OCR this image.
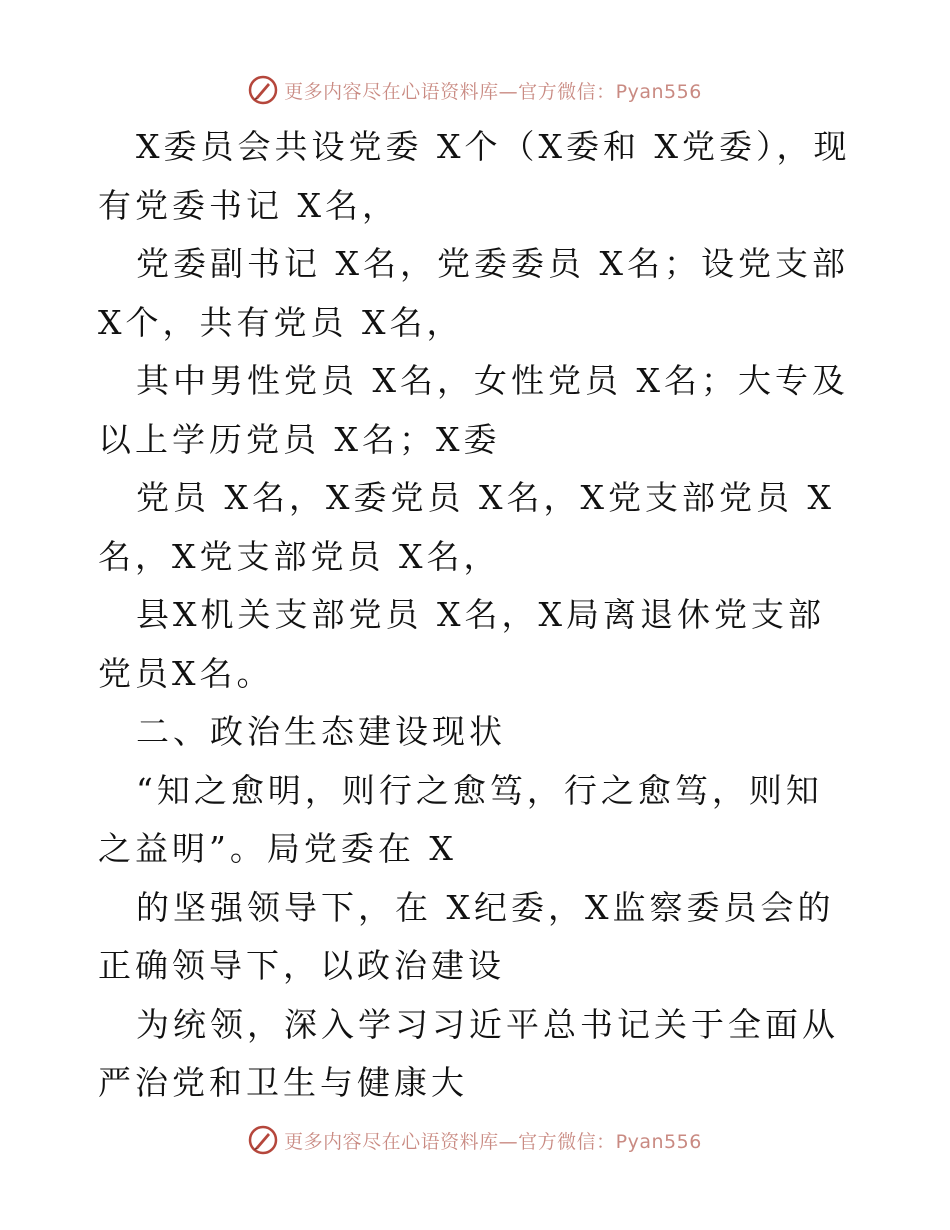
更多内容尽在心语资料库—官方微信：Pyan556

X委员会共设党委 X个（X委和 X党委），现有党委书记 X名，

党委副书记 X名，党委委员 X名；设党支部 X个，共有党员 X名，

其中男性党员 X名，女性党员 X名；大专及以上学历党员 X名；X委

党员 X名，X委党员 X名，X党支部党员 X名，X党支部党员 X名，

县X机关支部党员 X名，X局离退休党支部党员X名。

二、政治生态建设现状

“知之愈明，则行之愈笃，行之愈笃，则知之益明”。局党委在 X

的坚强领导下，在 X纪委，X监察委员会的正确领导下，以政治建设

为统领，深入学习习近平总书记关于全面从严治党和卫生与健康大

更多内容尽在心语资料库—官方微信：Pyan556
